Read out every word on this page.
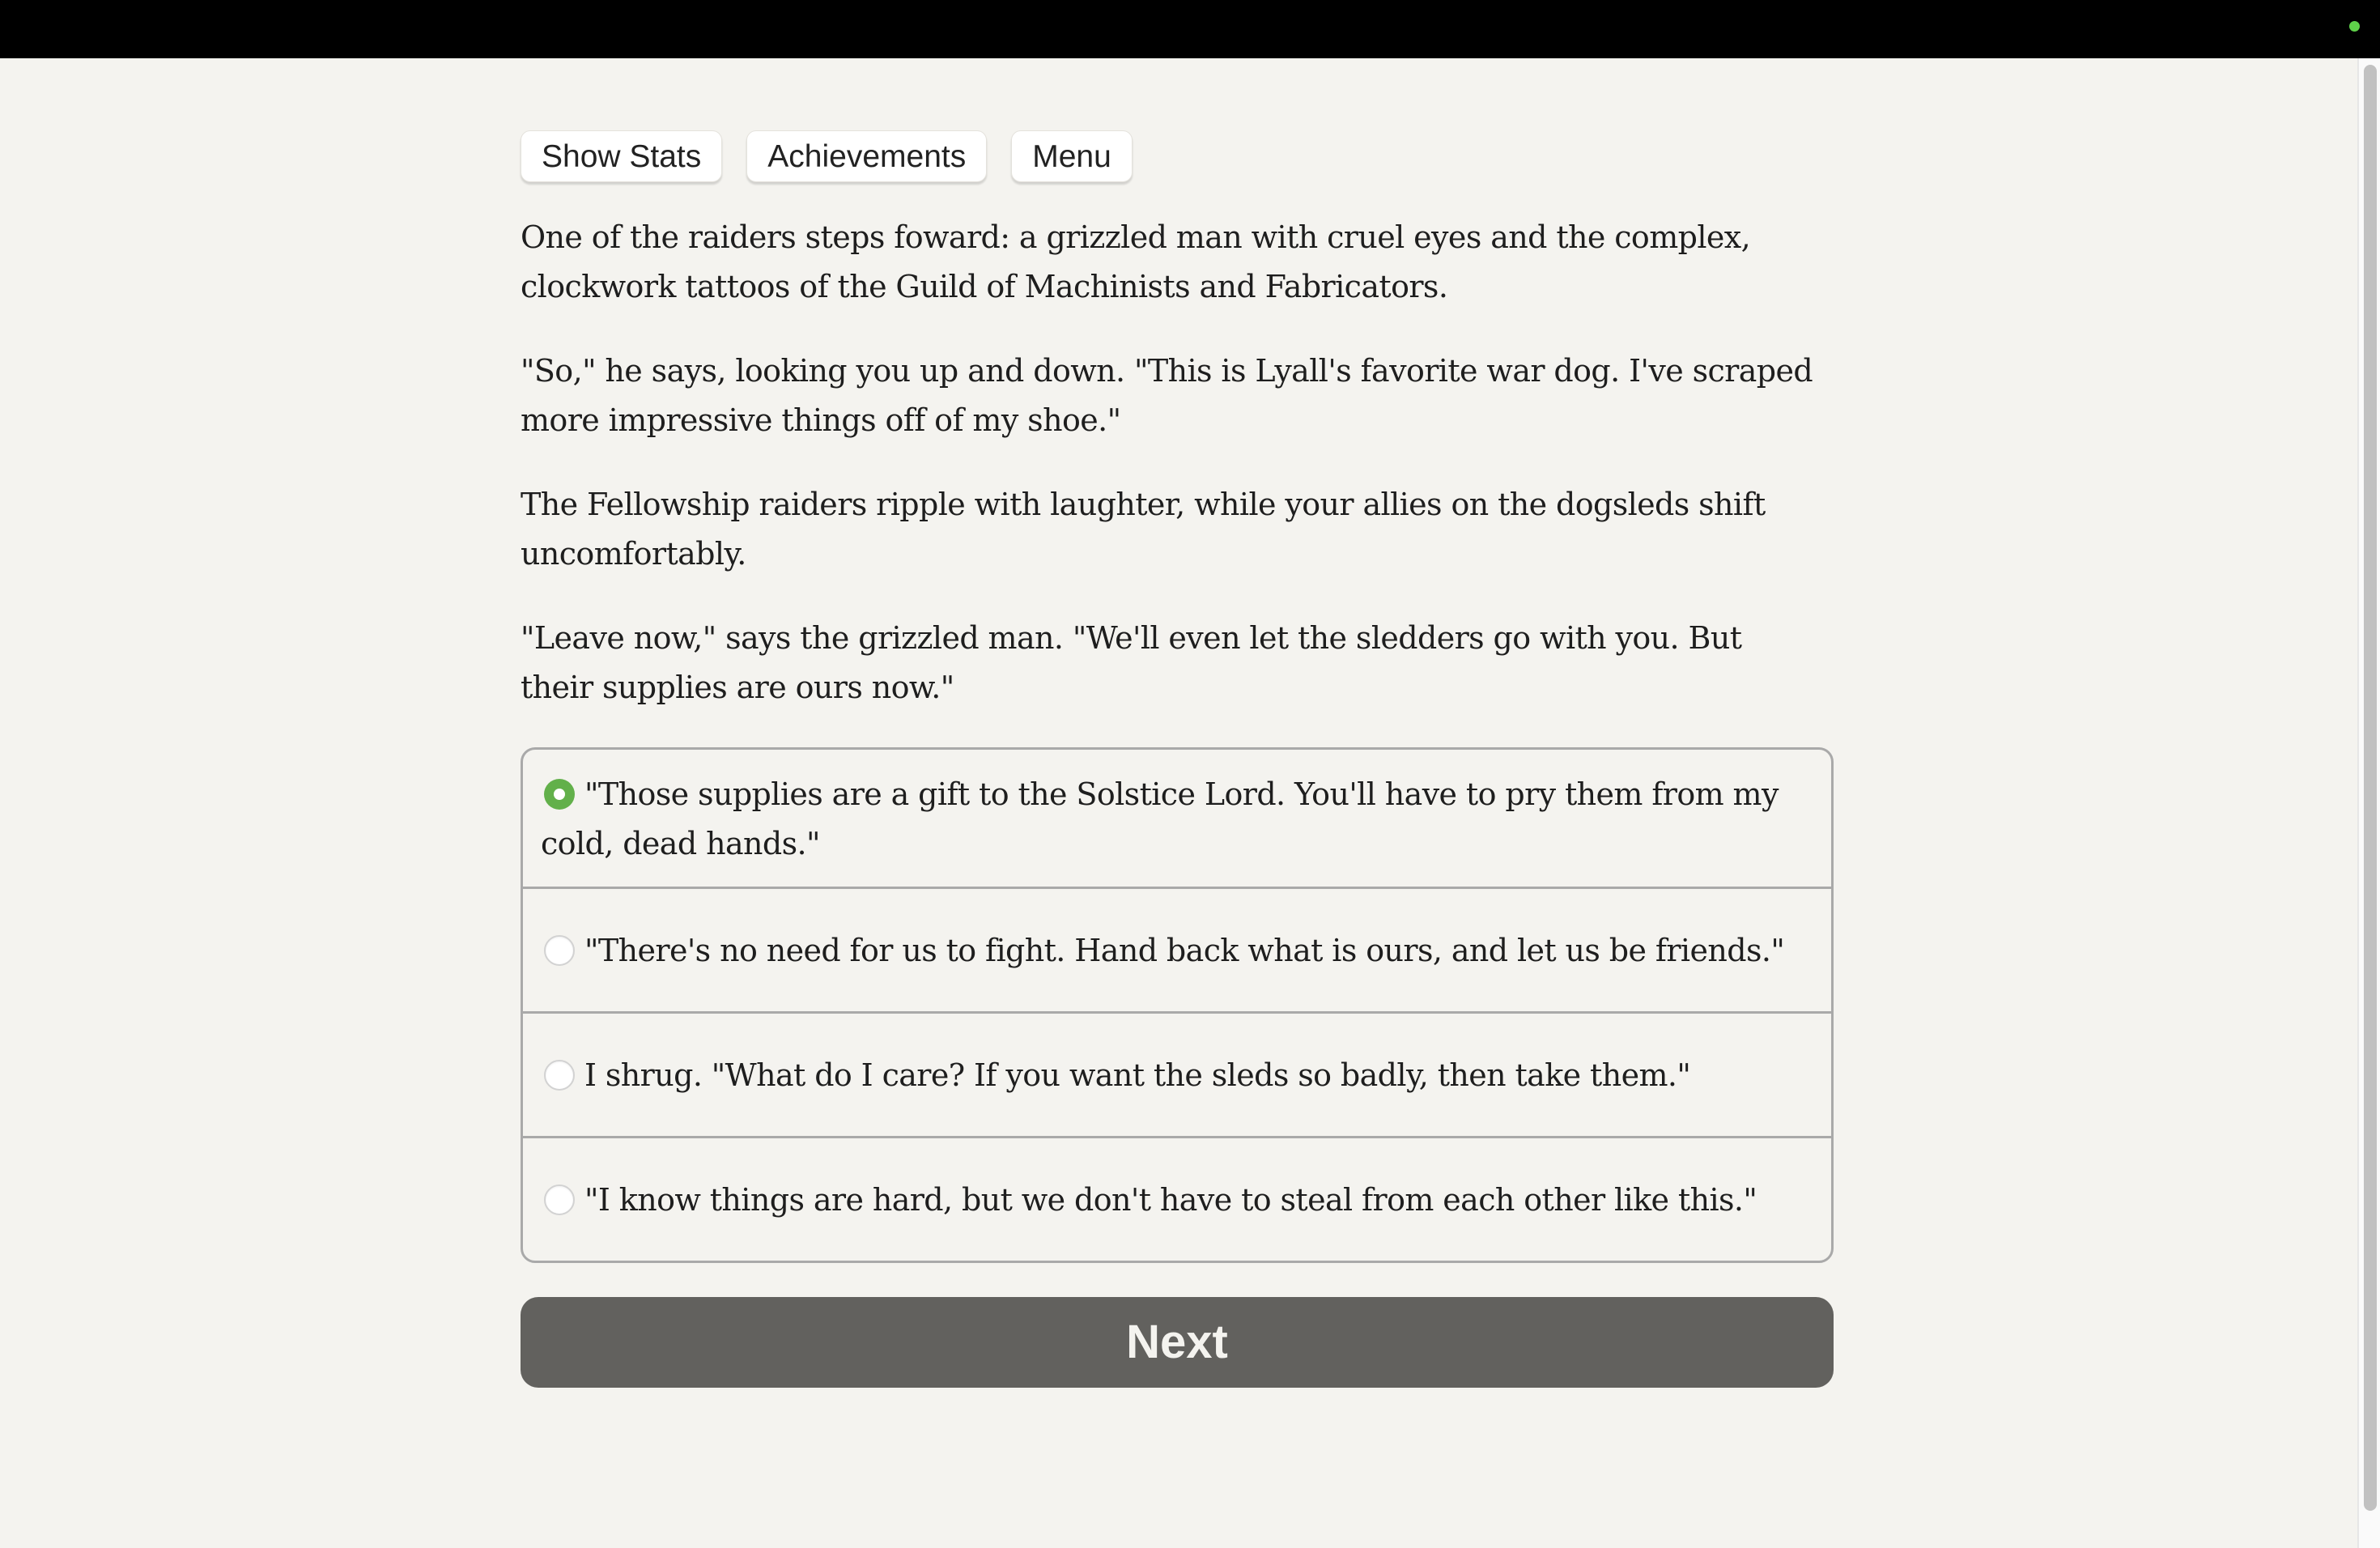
Show Stats	Achievements	Menu

One of the raiders steps foward: a grizzled man with cruel eyes and the complex, clockwork tattoos of the Guild of Machinists and Fabricators.

"So," he says, looking you up and down. "This is Lyall's favorite war dog. I've scraped more impressive things off of my shoe."

The Fellowship raiders ripple with laughter, while your allies on the dogsleds shift uncomfortably.

"Leave now," says the grizzled man. "We'll even let the sledders go with you. But their supplies are ours now."

"Those supplies are a gift to the Solstice Lord. You'll have to pry them from my cold, dead hands."
"There's no need for us to fight. Hand back what is ours, and let us be friends."
I shrug. "What do I care? If you want the sleds so badly, then take them."
"I know things are hard, but we don't have to steal from each other like this."
Next
